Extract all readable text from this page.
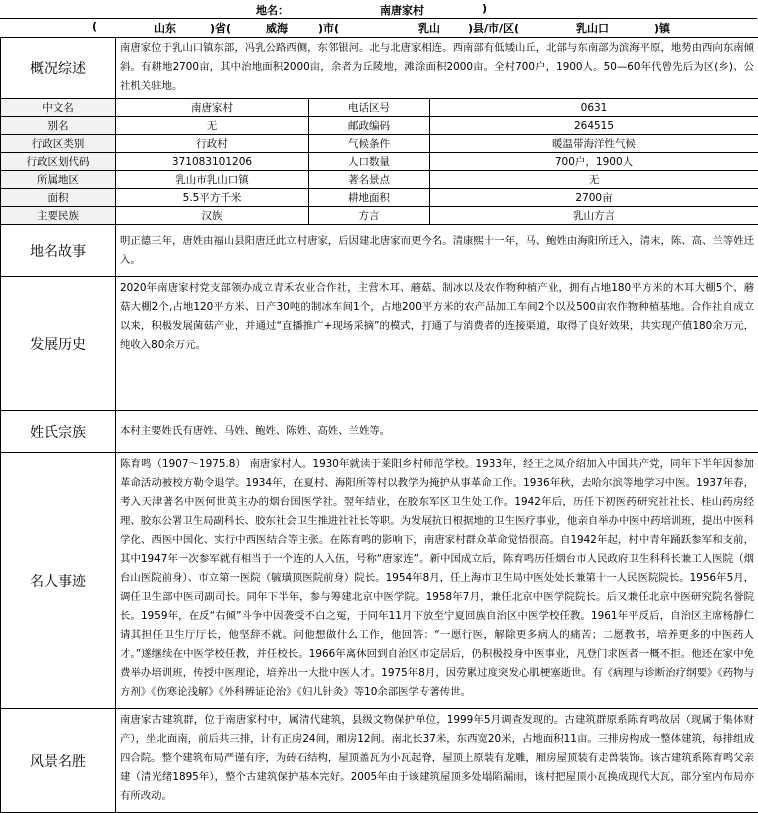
地名：	南唐家村	)
(	山东	)省(	威海	)市(	乳山	)县/市/区(	乳山口	)镇
概况综述	南唐家位于乳山口镇东部，冯乳公路西侧，东邻银河。北与北唐家相连。西南部有低矮山丘，北部与东南部为滨海平原，地势由西向东南倾斜。有耕地2700亩，其中治地面积2000亩，余者为丘陵地，滩涂面积2000亩。全村700户，1900人。50—60年代曾先后为区(乡)、公社机关驻地。		
中文名	南唐家村	电话区号	0631
别名	无	邮政编码	264515
行政区类别	行政村	气候条件	暖温带海洋性气候
行政区划代码	371083101206	人口数量	700户，1900人
所属地区	乳山市乳山口镇	著名景点	无
面积	5.5平方千米	耕地面积	2700亩
主要民族	汉族	方言	乳山方言
地名故事	明正德三年，唐姓由福山县阳唐迁此立村唐家，后因建北唐家而更今名。清康熙十一年，马、鲍姓由海阳所迁入，清末，陈、高、兰等姓迁入。		
发展历史	2020年南唐家村党支部领办成立青禾农业合作社，主营木耳、蘑菇、制冰以及农作物种植产业，拥有占地180平方米的木耳大棚5个、蘑菇大棚2个,占地120平方米、日产30吨的制冰车间1个，占地200平方米的农产品加工车间2个以及500亩农作物种植基地。合作社自成立以来，积极发展菌菇产业，并通过“直播推广+现场采摘”的模式，打通了与消费者的连接渠道，取得了良好效果，共实现产值180余万元，纯收入80余万元。		
姓氏宗族	本村主要姓氏有唐姓、马姓、鲍姓、陈姓、高姓、兰姓等。		
名人事迹	陈育鸣（1907～1975.8） 南唐家村人。1930年就读于莱阳乡村师范学校。1933年，经王之凤介绍加入中国共产党，同年下半年因参加革命活动被校方勒令退学。1934年，在夏村、海阳所等村以教学为掩护从事革命工作。1936年秋，去哈尔滨等地学习中医。1937年春，考入天津著名中医何世英主办的烟台国医学社。翌年结业，在胶东军区卫生处工作。1942年后，历任下初医药研究社社长、桂山药房经理、胶东公署卫生局副科长、胶东社会卫生推进社社长等职。为发展抗日根据地的卫生医疗事业，他亲自举办中医中药培训班，提出中医科学化、西医中国化、实行中西医结合等主张。在陈育鸣的影响下，南唐家村群众革命觉悟很高。自1942年起，村中青年踊跃参军和支前，其中1947年一次参军就有相当于一个连的人入伍，号称“唐家连”。新中国成立后，陈育鸣历任烟台市人民政府卫生科科长兼工人医院（烟台山医院前身）、市立第一医院（毓璜顶医院前身）院长。1954年8月，任上海市卫生局中医处处长兼第十一人民医院院长。1956年5月，调任卫生部中医司副司长。同年下半年，参与筹建北京中医学院。1958年7月，兼任北京中医学院院长。后又兼任北京中医研究院名誉院长。1959年，在反“右倾”斗争中因袭受不白之冤，于同年11月下放至宁夏回族自治区中医学校任教。1961年平反后，自治区主席杨静仁请其担任卫生厅厅长，他坚辞不就。问他想做什么工作，他回答：“一愿行医，解除更多病人的痛苦；二愿教书，培养更多的中医药人才。”遂继续在中医学校任教，并任校长。1966年离休回到自治区市定居后，仍积极投身中医事业，凡登门求医者一概不拒。他还在家中免费举办培训班，传授中医理论，培养出一大批中医人才。1975年8月，因劳累过度突发心肌梗塞逝世。有《病理与诊断治疗纲要》《药物与方剂》《伤寒论浅解》《外科辨证论治》《妇儿针灸》等10余部医学专著传世。		
风景名胜	南唐家古建筑群，位于南唐家村中，属清代建筑，县级文物保护单位，1999年5月调查发现的。古建筑群原系陈育鸣故居（现属于集体财产），坐北面南，前后共三排，计有正房24间，厢房12间。南北长37米，东西宽20米，占地面积11亩。三排房构成一整体建筑，每排组成四合院。整个建筑布局严谨有序，为砖石结构，屋顶盖瓦为小瓦起脊，屋顶上原装有龙雕，厢房屋顶装有走兽装饰。该古建筑系陈育鸣父亲建（清光绪1895年），整个古建筑保护基本完好。2005年由于该建筑屋顶多处塌陷漏雨，该村把屋顶小瓦换成现代大瓦，部分室内布局亦有所改动。		
